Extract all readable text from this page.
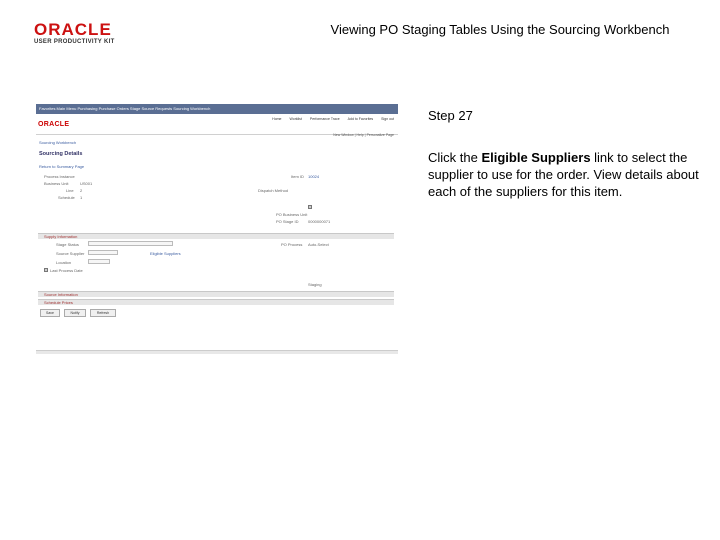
ORACLE
USER PRODUCTIVITY KIT
Viewing PO Staging Tables Using the Sourcing Workbench
Favorites Main Menu Purchasing Purchase Orders Stage Source Requests Sourcing Workbench
ORACLE
Home Worklist Performance Trace Add to Favorites Sign out
New Window | Help | Personalize Page
Sourcing Workbench
Sourcing Details
Return to Summary Page
Process Instance
Business Unit	US001
Line 2
Schedule 1
Item ID 10024
Dispatch Method
PO Business Unit
PO Stage ID 0000000071
Supply Information
Stage Status
Source Supplier	Eligible Suppliers
Location
Last Process Date
PO Process Auto-Select
Staging
Source Information
Schedule Prices
Save	Notify	Refresh
Step 27
Click the Eligible Suppliers link to select the supplier to use for the order. View details about each of the suppliers for this item.
